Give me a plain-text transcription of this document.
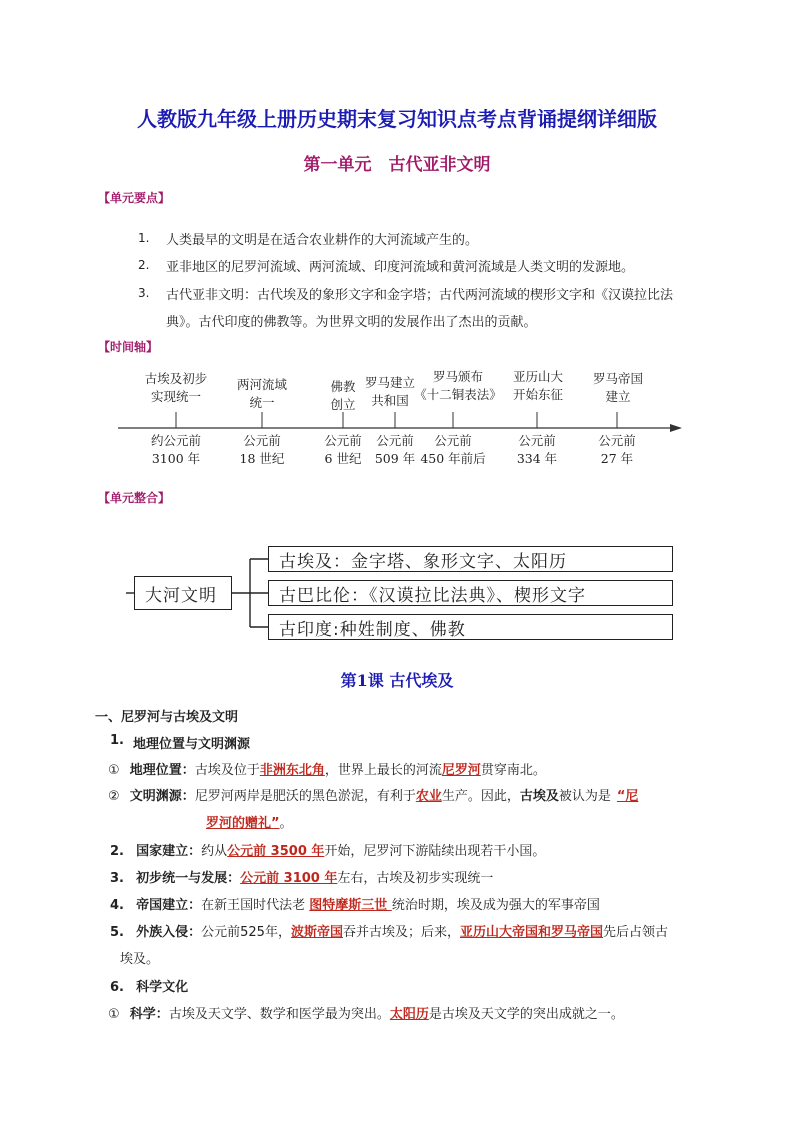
人教版九年级上册历史期末复习知识点考点背诵提纲详细版
第一单元　古代亚非文明
【单元要点】
1. 人类最早的文明是在适合农业耕作的大河流域产生的。
2. 亚非地区的尼罗河流域、两河流域、印度河流域和黄河流域是人类文明的发源地。
3. 古代亚非文明：古代埃及的象形文字和金字塔；古代两河流域的楔形文字和《汉谟拉比法
典》。古代印度的佛教等。为世界文明的发展作出了杰出的贡献。
【时间轴】
古埃及初步
实现统一
两河流域
统一
佛教
创立
罗马建立
共和国
罗马颁布
《十二铜表法》
亚历山大
开始东征
罗马帝国
建立
约公元前
3100 年
公元前
18 世纪
公元前
6 世纪
公元前
509 年
公元前
450 年前后
公元前
334 年
公元前
27 年
【单元整合】
大河文明
古埃及：金字塔、象形文字、太阳历
古巴比伦：《汉谟拉比法典》、楔形文字
古印度:种姓制度、佛教
第1课 古代埃及
一、尼罗河与古埃及文明
1. 地理位置与文明渊源
① 地理位置：古埃及位于非洲东北角，世界上最长的河流尼罗河贯穿南北。
② 文明渊源：尼罗河两岸是肥沃的黑色淤泥，有利于农业生产。因此，古埃及被认为是 “尼
罗河的赠礼”。
2. 国家建立：约从公元前 3500 年开始，尼罗河下游陆续出现若干小国。
3. 初步统一与发展：公元前 3100 年左右，古埃及初步实现统一
4. 帝国建立：在新王国时代法老 图特摩斯三世 统治时期，埃及成为强大的军事帝国
5. 外族入侵：公元前525年，波斯帝国吞并古埃及；后来，亚历山大帝国和罗马帝国先后占领古
埃及。
6. 科学文化
① 科学：古埃及天文学、数学和医学最为突出。太阳历是古埃及天文学的突出成就之一。
